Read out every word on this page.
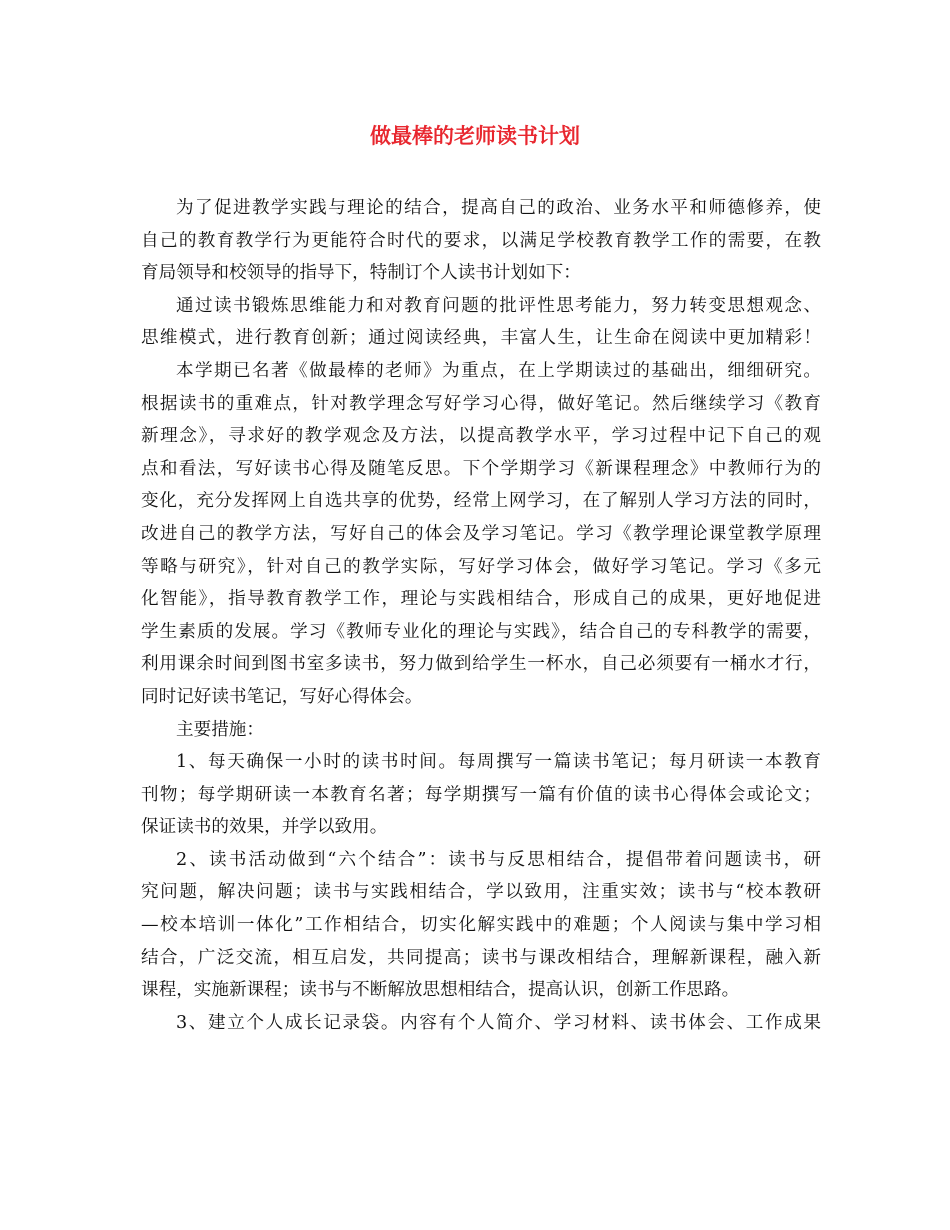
做最棒的老师读书计划
为了促进教学实践与理论的结合，提高自己的政治、业务水平和师德修养，使
自己的教育教学行为更能符合时代的要求，以满足学校教育教学工作的需要，在教
育局领导和校领导的指导下，特制订个人读书计划如下：
通过读书锻炼思维能力和对教育问题的批评性思考能力，努力转变思想观念、
思维模式，进行教育创新；通过阅读经典，丰富人生，让生命在阅读中更加精彩！
本学期已名著《做最棒的老师》为重点，在上学期读过的基础出，细细研究。
根据读书的重难点，针对教学理念写好学习心得，做好笔记。然后继续学习《教育
新理念》，寻求好的教学观念及方法，以提高教学水平，学习过程中记下自己的观
点和看法，写好读书心得及随笔反思。下个学期学习《新课程理念》中教师行为的
变化，充分发挥网上自选共享的优势，经常上网学习，在了解别人学习方法的同时，
改进自己的教学方法，写好自己的体会及学习笔记。学习《教学理论课堂教学原理
等略与研究》，针对自己的教学实际，写好学习体会，做好学习笔记。学习《多元
化智能》，指导教育教学工作，理论与实践相结合，形成自己的成果，更好地促进
学生素质的发展。学习《教师专业化的理论与实践》，结合自己的专科教学的需要，
利用课余时间到图书室多读书，努力做到给学生一杯水，自己必须要有一桶水才行，
同时记好读书笔记，写好心得体会。
主要措施：
1、每天确保一小时的读书时间。每周撰写一篇读书笔记；每月研读一本教育
刊物；每学期研读一本教育名著；每学期撰写一篇有价值的读书心得体会或论文；
保证读书的效果，并学以致用。
2、读书活动做到“六个结合”：读书与反思相结合，提倡带着问题读书，研
究问题，解决问题；读书与实践相结合，学以致用，注重实效；读书与“校本教研
—校本培训一体化”工作相结合，切实化解实践中的难题；个人阅读与集中学习相
结合，广泛交流，相互启发，共同提高；读书与课改相结合，理解新课程，融入新
课程，实施新课程；读书与不断解放思想相结合，提高认识，创新工作思路。
3、建立个人成长记录袋。内容有个人简介、学习材料、读书体会、工作成果
